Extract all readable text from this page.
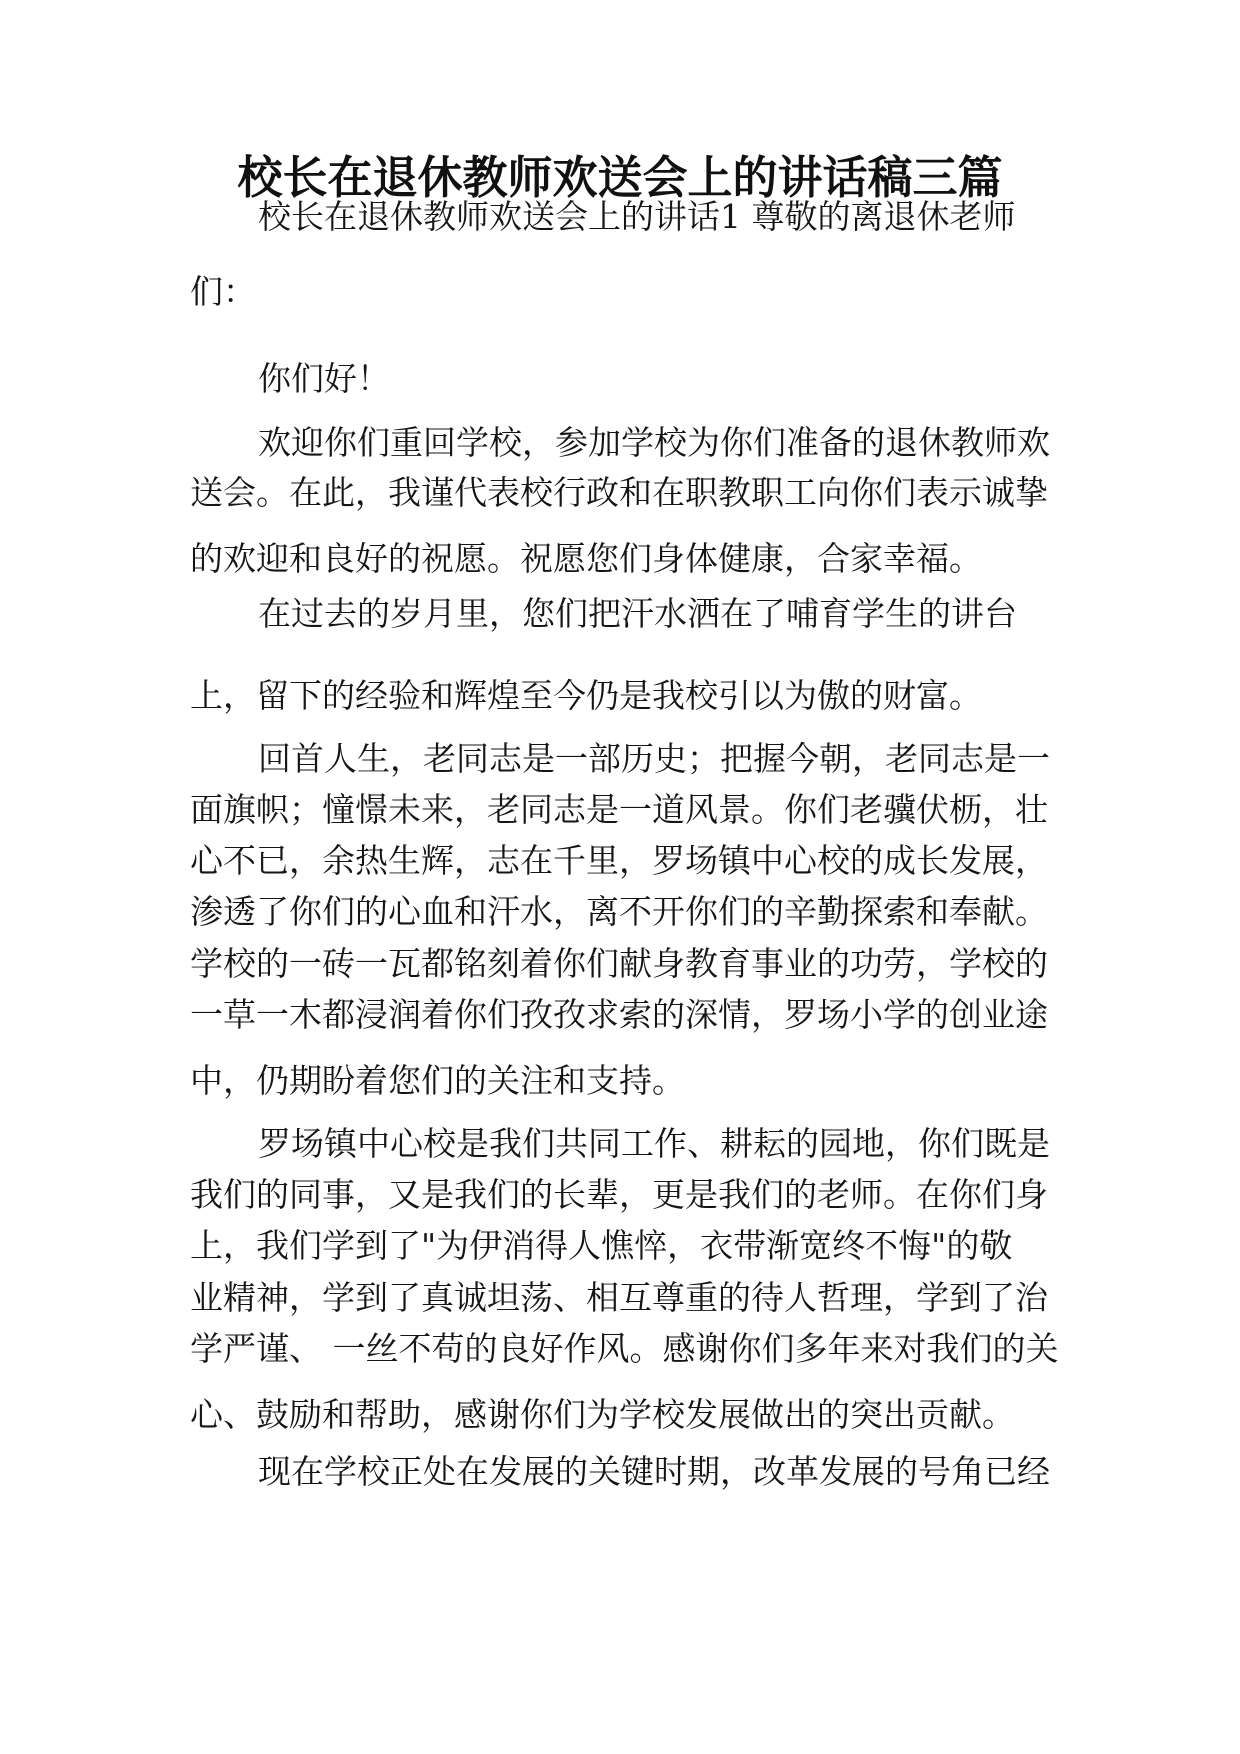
校长在退休教师欢送会上的讲话稿三篇
校长在退休教师欢送会上的讲话1 尊敬的离退休老师
们：
你们好！
欢迎你们重回学校，参加学校为你们准备的退休教师欢
送会。在此，我谨代表校行政和在职教职工向你们表示诚挚
的欢迎和良好的祝愿。祝愿您们身体健康，合家幸福。
在过去的岁月里，您们把汗水洒在了哺育学生的讲台
上，留下的经验和辉煌至今仍是我校引以为傲的财富。
回首人生，老同志是一部历史；把握今朝，老同志是一
面旗帜；憧憬未来，老同志是一道风景。你们老骥伏枥，壮
心不已，余热生辉，志在千里，罗场镇中心校的成长发展，
渗透了你们的心血和汗水，离不开你们的辛勤探索和奉献。
学校的一砖一瓦都铭刻着你们献身教育事业的功劳，学校的
一草一木都浸润着你们孜孜求索的深情，罗场小学的创业途
中，仍期盼着您们的关注和支持。
罗场镇中心校是我们共同工作、耕耘的园地，你们既是
我们的同事，又是我们的长辈，更是我们的老师。在你们身
上，我们学到了"为伊消得人憔悴，衣带渐宽终不悔"的敬
业精神，学到了真诚坦荡、相互尊重的待人哲理，学到了治
学严谨、 一丝不苟的良好作风。感谢你们多年来对我们的关
心、鼓励和帮助，感谢你们为学校发展做出的突出贡献。
现在学校正处在发展的关键时期，改革发展的号角已经
